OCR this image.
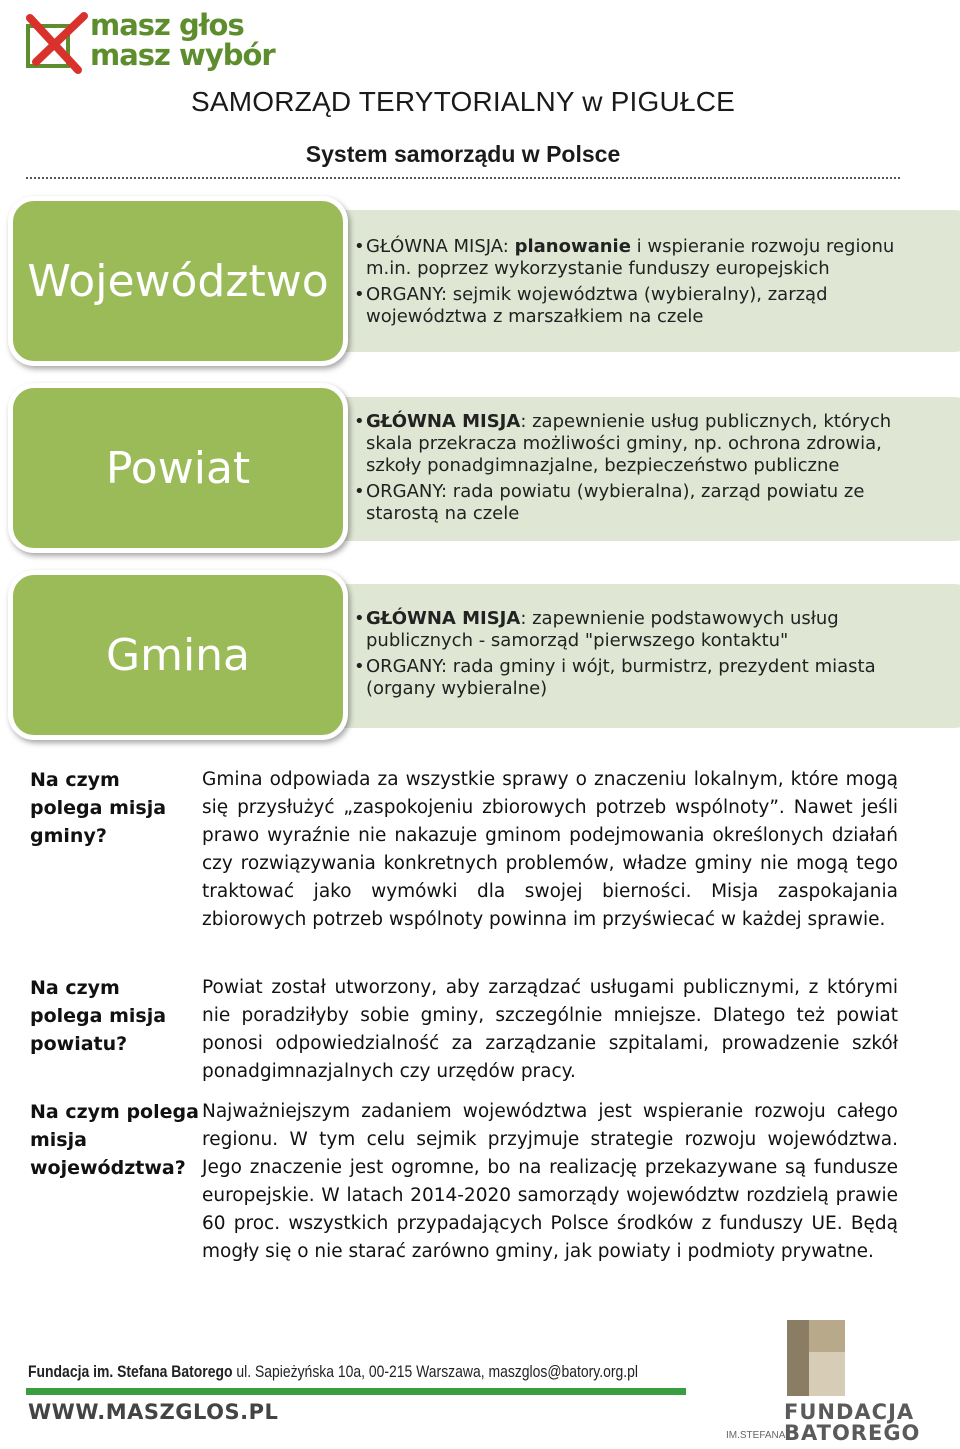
masz głos
masz wybór
SAMORZĄD TERYTORIALNY w PIGUŁCE
System samorządu w Polsce
Województwo
• GŁÓWNA MISJA: planowanie i wspieranie rozwoju regionu m.in. poprzez wykorzystanie funduszy europejskich
• ORGANY: sejmik województwa (wybieralny), zarząd województwa z marszałkiem na czele
Powiat
• GŁÓWNA MISJA: zapewnienie usług publicznych, których skala przekracza możliwości gminy, np. ochrona zdrowia, szkoły ponadgimnazjalne, bezpieczeństwo publiczne
• ORGANY: rada powiatu (wybieralna), zarząd powiatu ze starostą na czele
Gmina
• GŁÓWNA MISJA: zapewnienie podstawowych usług publicznych - samorząd "pierwszego kontaktu"
• ORGANY: rada gminy i wójt, burmistrz, prezydent miasta (organy wybieralne)
Na czym polega misja gminy?

Gmina odpowiada za wszystkie sprawy o znaczeniu lokalnym, które mogą się przysłużyć „zaspokojeniu zbiorowych potrzeb wspólnoty”. Nawet jeśli prawo wyraźnie nie nakazuje gminom podejmowania określonych działań czy rozwiązywania konkretnych problemów, władze gminy nie mogą tego traktować jako wymówki dla swojej bierności. Misja zaspokajania zbiorowych potrzeb wspólnoty powinna im przyświecać w każdej sprawie.

Na czym polega misja powiatu?

Powiat został utworzony, aby zarządzać usługami publicznymi, z którymi nie poradziłyby sobie gminy, szczególnie mniejsze. Dlatego też powiat ponosi odpowiedzialność za zarządzanie szpitalami, prowadzenie szkół ponadgimnazjalnych czy urzędów pracy.

Na czym polega misja województwa?

Najważniejszym zadaniem województwa jest wspieranie rozwoju całego regionu. W tym celu sejmik przyjmuje strategie rozwoju województwa. Jego znaczenie jest ogromne, bo na realizację przekazywane są fundusze europejskie. W latach 2014-2020 samorządy województw rozdzielą prawie 60 proc. wszystkich przypadających Polsce środków z funduszy UE. Będą mogły się o nie starać zarówno gminy, jak powiaty i podmioty prywatne.

Fundacja im. Stefana Batorego ul. Sapieżyńska 10a, 00-215 Warszawa, maszglos@batory.org.pl
WWW.MASZGLOS.PL	FUNDACJA
IM.STEFANA
BATOREGO
